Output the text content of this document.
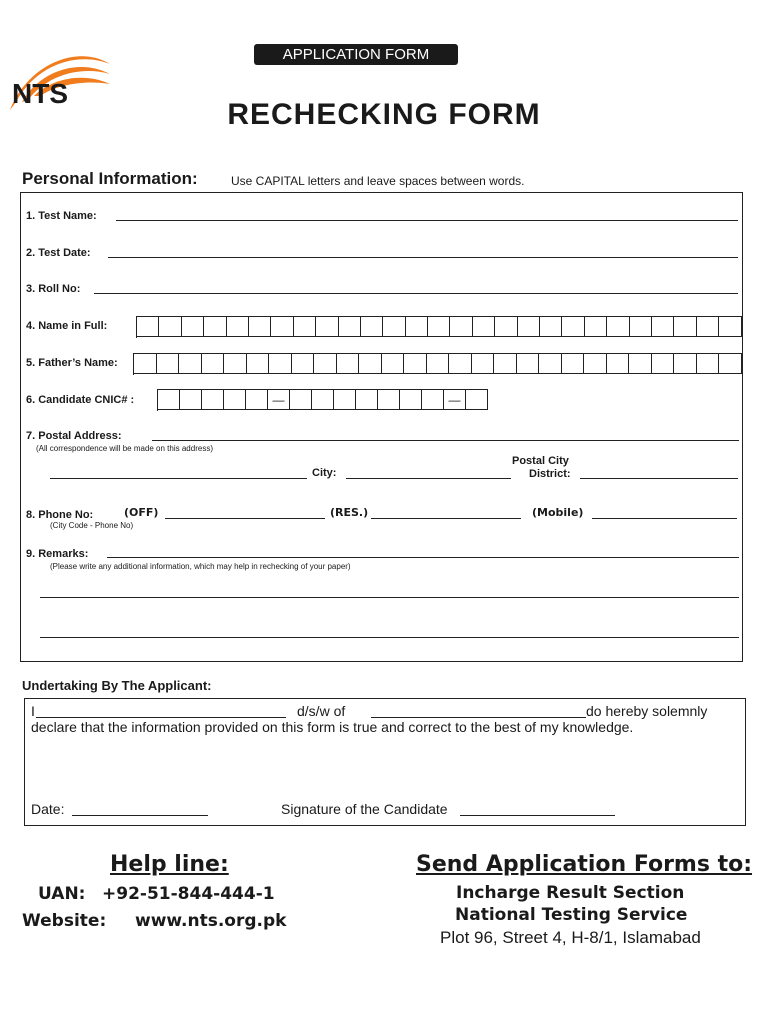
NTS
APPLICATION FORM
RECHECKING FORM
Personal Information:	Use CAPITAL letters and leave spaces between words.
1. Test Name:
2. Test Date:
3. Roll No:
4. Name in Full:
5. Father’s Name:
6. Candidate CNIC# :	—	—
7. Postal Address:
(All correspondence will be made on this address)
City:
Postal City
District:
8. Phone No:
(City Code - Phone No)
(OFF)	(RES.)	(Mobile)
9. Remarks:
(Please write any additional information, which may help in rechecking of your paper)
Undertaking By The Applicant:
I	d/s/w of	do hereby solemnly
declare that the information provided on this form is true and correct to the best of my knowledge.
Date:	Signature of the Candidate
Help line:
UAN: +92-51-844-444-1
Website: www.nts.org.pk
Send Application Forms to:
Incharge Result Section
National Testing Service
Plot 96, Street 4, H-8/1, Islamabad
